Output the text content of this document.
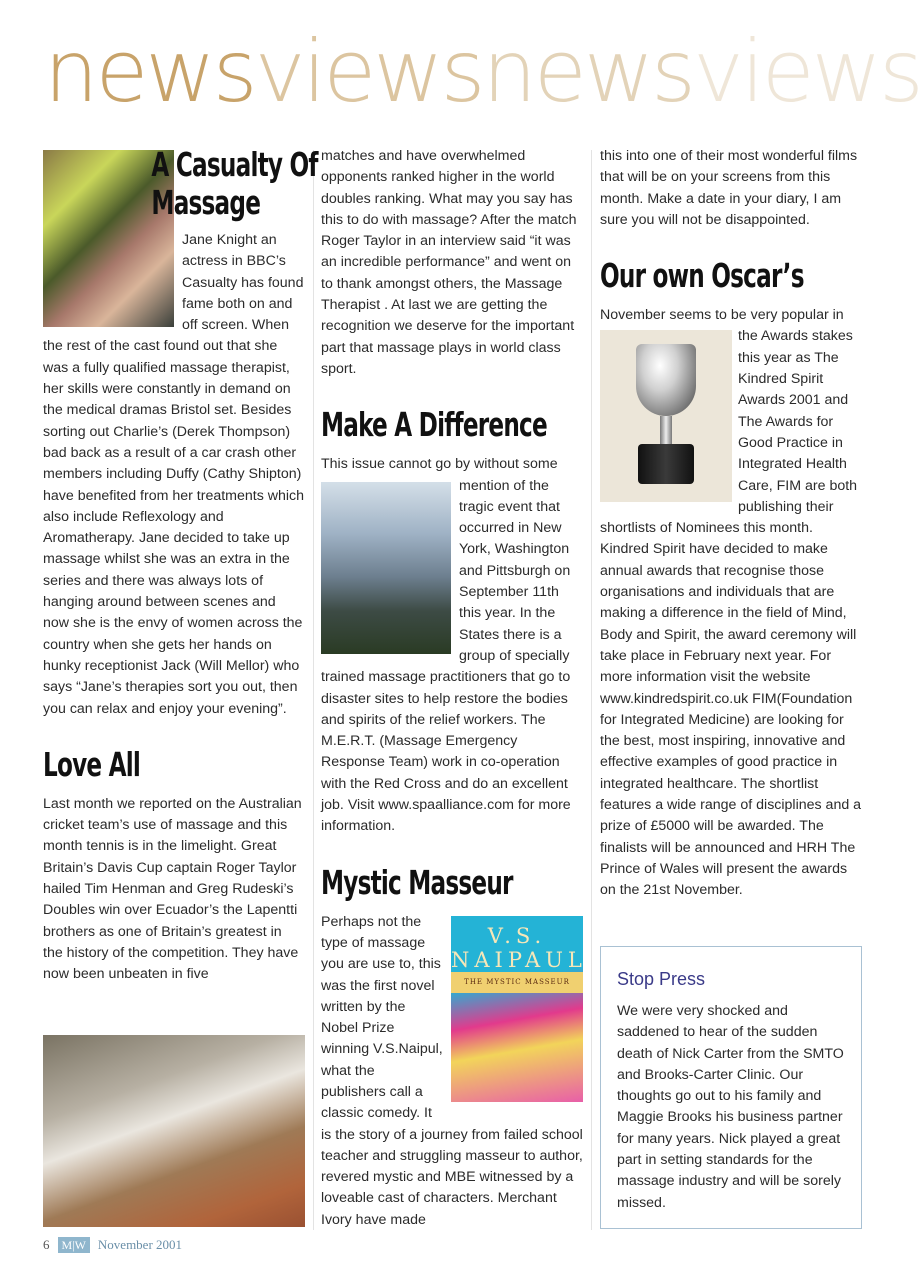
newsviewsnewsviews
A Casualty Of
Massage

Jane Knight an actress in BBC’s Casualty has found fame both on and off screen. When the rest of the cast found out that she was a fully qualified massage therapist, her skills were constantly in demand on the medical dramas Bristol set. Besides sorting out Charlie’s (Derek Thompson) bad back as a result of a car crash other members including Duffy (Cathy Shipton) have benefited from her treatments which also include Reflexology and Aromatherapy. Jane decided to take up massage whilst she was an extra in the series and there was always lots of hanging around between scenes and now she is the envy of women across the country when she gets her hands on hunky receptionist Jack (Will Mellor) who says “Jane’s therapies sort you out, then you can relax and enjoy your evening”.

Love All

Last month we reported on the Australian cricket team’s use of massage and this month tennis is in the limelight. Great Britain’s Davis Cup captain Roger Taylor hailed Tim Henman and Greg Rudeski’s Doubles win over Ecuador’s the Lapentti brothers as one of Britain’s greatest in the history of the competition. They have now been unbeaten in five

matches and have overwhelmed opponents ranked higher in the world doubles ranking. What may you say has this to do with massage? After the match Roger Taylor in an interview said “it was an incredible performance” and went on to thank amongst others, the Massage Therapist . At last we are getting the recognition we deserve for the important part that massage plays in world class sport.

Make A Difference

This issue cannot go by without some

mention of the tragic event that occurred in New York, Washington and Pittsburgh on September 11th this year. In the States there is a group of specially trained massage practitioners that go to disaster sites to help restore the bodies and spirits of the relief workers. The M.E.R.T. (Massage Emergency Response Team) work in co-operation with the Red Cross and do an excellent job. Visit www.spaalliance.com for more information.

Mystic Masseur
V.S. NAIPAUL
THE MYSTIC MASSEUR

Perhaps not the type of massage you are use to, this was the first novel written by the Nobel Prize winning V.S.Naipul, what the publishers call a classic comedy. It is the story of a journey from failed school teacher and struggling masseur to author, revered mystic and MBE witnessed by a loveable cast of characters. Merchant Ivory have made

this into one of their most wonderful films that will be on your screens from this month. Make a date in your diary, I am sure you will not be disappointed.

Our own Oscar’s

November seems to be very popular in

the Awards stakes this year as The Kindred Spirit Awards 2001 and The Awards for Good Practice in Integrated Health Care, FIM are both publishing their shortlists of Nominees this month. Kindred Spirit have decided to make annual awards that recognise those organisations and individuals that are making a difference in the field of Mind, Body and Spirit, the award ceremony will take place in February next year. For more information visit the website www.kindredspirit.co.uk FIM(Foundation for Integrated Medicine) are looking for the best, most inspiring, innovative and effective examples of good practice in integrated healthcare. The shortlist features a wide range of disciplines and a prize of £5000 will be awarded. The finalists will be announced and HRH The Prince of Wales will present the awards on the 21st November.

Stop Press
We were very shocked and saddened to hear of the sudden death of Nick Carter from the SMTO and Brooks-Carter Clinic. Our thoughts go out to his family and Maggie Brooks his business partner for many years. Nick played a great part in setting standards for the massage industry and will be sorely missed.
6	M|W November 2001
